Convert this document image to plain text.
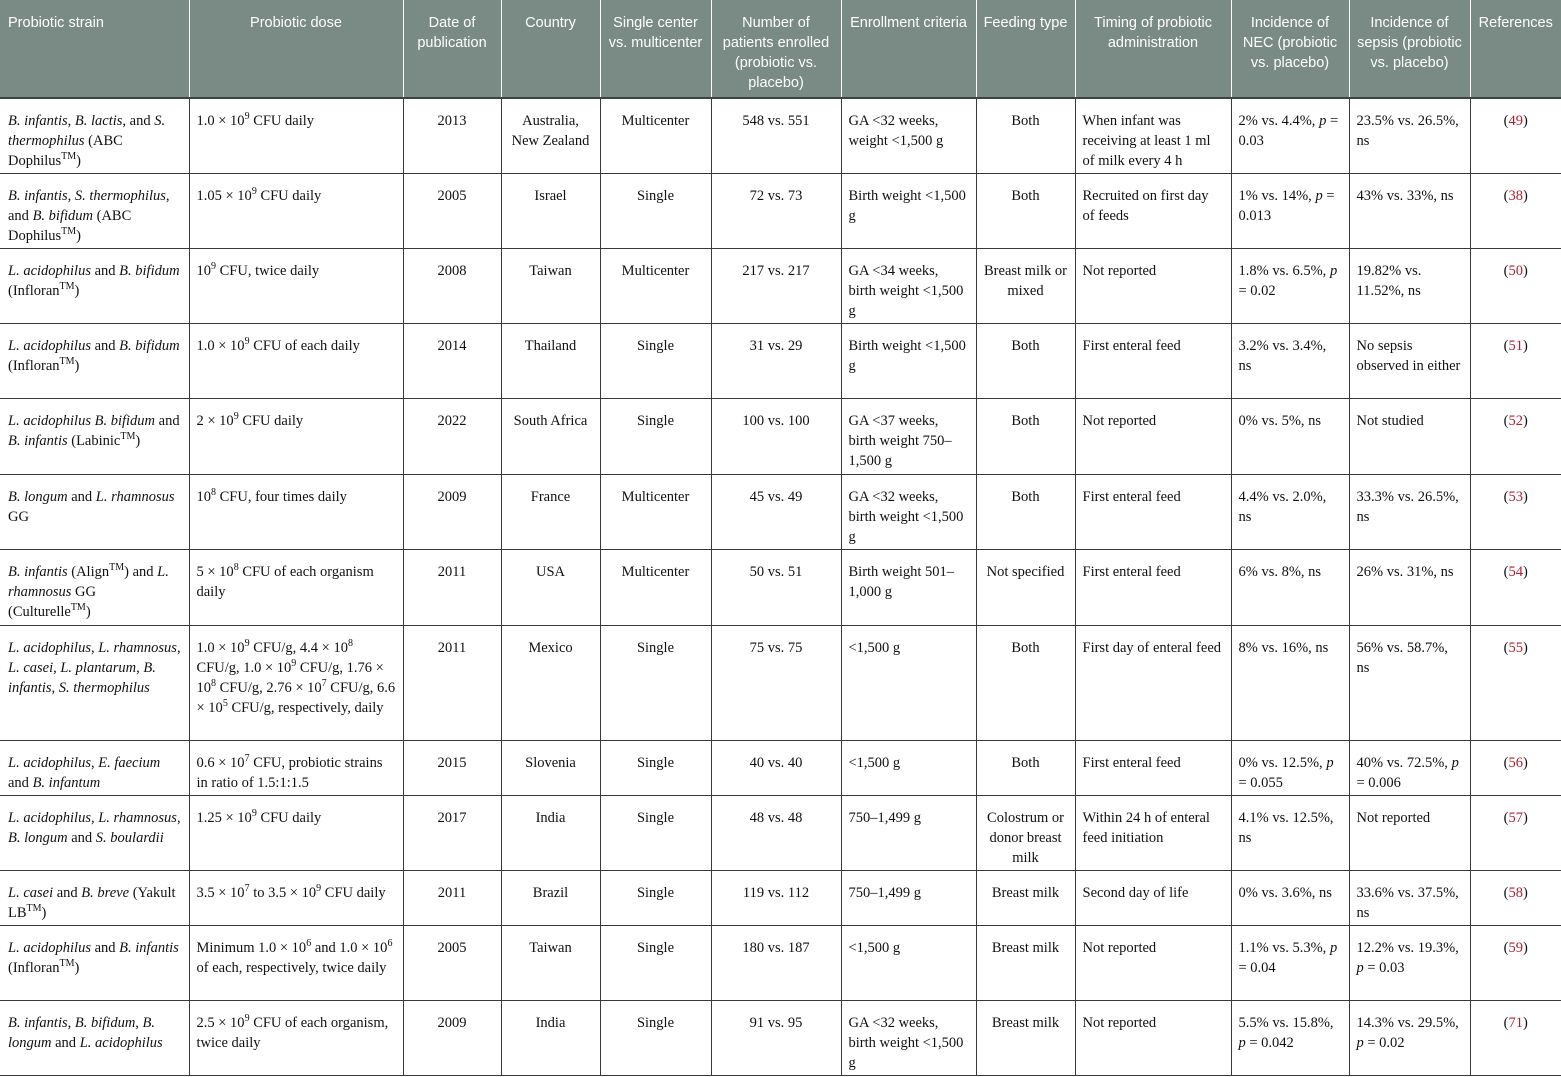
Probiotic strain	Probiotic dose	Date of publication	Country	Single center vs. multicenter	Number of patients enrolled (probiotic vs. placebo)	Enrollment criteria	Feeding type	Timing of probiotic administration	Incidence of NEC (probiotic vs. placebo)	Incidence of sepsis (probiotic vs. placebo)	References
B. infantis, B. lactis, and S. thermophilus (ABC Dophilus™)	$1.0 \times 10^9$ CFU daily	2013	Australia, New Zealand	Multicenter	548 vs. 551	GA <32 weeks, weight <1,500 g	Both	When infant was receiving at least 1 ml of milk every 4 h	2% vs. 4.4%, p = 0.03	23.5% vs. 26.5%, ns	(49)
B. infantis, S. thermophilus, and B. bifidum (ABC Dophilus™)	$1.05 \times 10^9$ CFU daily	2005	Israel	Single	72 vs. 73	Birth weight <1,500 g	Both	Recruited on first day of feeds	1% vs. 14%, p = 0.013	43% vs. 33%, ns	(38)
L. acidophilus and B. bifidum (Infloran™)	$10^9$ CFU, twice daily	2008	Taiwan	Multicenter	217 vs. 217	GA <34 weeks, birth weight <1,500 g	Breast milk or mixed	Not reported	1.8% vs. 6.5%, p = 0.02	19.82% vs. 11.52%, ns	(50)
L. acidophilus and B. bifidum (Infloran™)	$1.0 \times 10^9$ CFU of each daily	2014	Thailand	Single	31 vs. 29	Birth weight <1,500 g	Both	First enteral feed	3.2% vs. 3.4%, ns	No sepsis observed in either	(51)
L. acidophilus B. bifidum and B. infantis (Labinic™)	$2 \times 10^9$ CFU daily	2022	South Africa	Single	100 vs. 100	GA <37 weeks, birth weight 750–1,500 g	Both	Not reported	0% vs. 5%, ns	Not studied	(52)
B. longum and L. rhamnosus GG	$10^8$ CFU, four times daily	2009	France	Multicenter	45 vs. 49	GA <32 weeks, birth weight <1,500 g	Both	First enteral feed	4.4% vs. 2.0%, ns	33.3% vs. 26.5%, ns	(53)
B. infantis (Align™) and L. rhamnosus GG (Culturelle™)	$5 \times 10^8$ CFU of each organism daily	2011	USA	Multicenter	50 vs. 51	Birth weight 501–1,000 g	Not specified	First enteral feed	6% vs. 8%, ns	26% vs. 31%, ns	(54)
L. acidophilus, L. rhamnosus, L. casei, L. plantarum, B. infantis, S. thermophilus	$1.0 \times 10^9$ CFU/g, $4.4 \times 10^8$ CFU/g, $1.0 \times 10^9$ CFU/g, $1.76 \times 10^8$ CFU/g, $2.76 \times 10^7$ CFU/g, $6.6 \times 10^5$ CFU/g, respectively, daily	2011	Mexico	Single	75 vs. 75	<1,500 g	Both	First day of enteral feed	8% vs. 16%, ns	56% vs. 58.7%, ns	(55)
L. acidophilus, E. faecium and B. infantum	$0.6 \times 10^7$ CFU, probiotic strains in ratio of 1.5:1:1.5	2015	Slovenia	Single	40 vs. 40	<1,500 g	Both	First enteral feed	0% vs. 12.5%, p = 0.055	40% vs. 72.5%, p = 0.006	(56)
L. acidophilus, L. rhamnosus, B. longum and S. boulardii	$1.25 \times 10^9$ CFU daily	2017	India	Single	48 vs. 48	750–1,499 g	Colostrum or donor breast milk	Within 24 h of enteral feed initiation	4.1% vs. 12.5%, ns	Not reported	(57)
L. casei and B. breve (Yakult LB™)	$3.5 \times 10^7$ to $3.5 \times 10^9$ CFU daily	2011	Brazil	Single	119 vs. 112	750–1,499 g	Breast milk	Second day of life	0% vs. 3.6%, ns	33.6% vs. 37.5%, ns	(58)
L. acidophilus and B. infantis (Infloran™)	Minimum $1.0 \times 10^6$ and $1.0 \times 10^6$ of each, respectively, twice daily	2005	Taiwan	Single	180 vs. 187	<1,500 g	Breast milk	Not reported	1.1% vs. 5.3%, p = 0.04	12.2% vs. 19.3%, p = 0.03	(59)
B. infantis, B. bifidum, B. longum and L. acidophilus	$2.5 \times 10^9$ CFU of each organism, twice daily	2009	India	Single	91 vs. 95	GA <32 weeks, birth weight <1,500 g	Breast milk	Not reported	5.5% vs. 15.8%, p = 0.042	14.3% vs. 29.5%, p = 0.02	(71)
